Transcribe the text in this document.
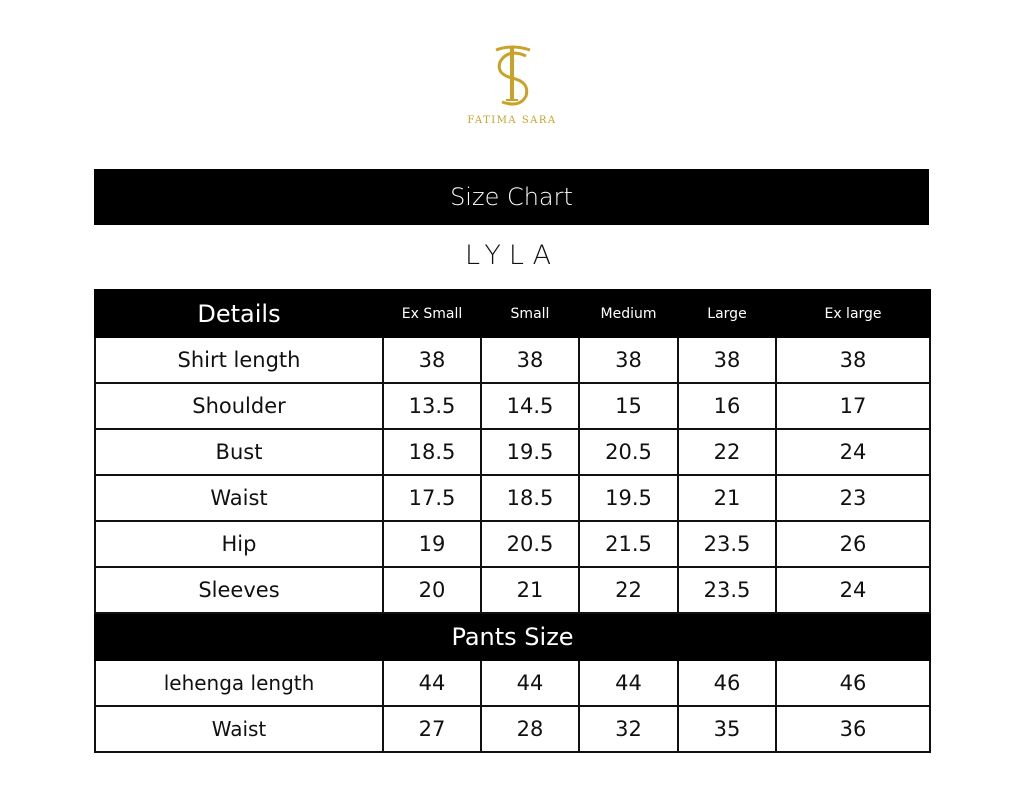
FATIMA SARA
Size Chart
LYLA
Details	Ex Small	Small	Medium	Large	Ex large
Shirt length	38	38	38	38	38
Shoulder	13.5	14.5	15	16	17
Bust	18.5	19.5	20.5	22	24
Waist	17.5	18.5	19.5	21	23
Hip	19	20.5	21.5	23.5	26
Sleeves	20	21	22	23.5	24
Pants Size					
lehenga length	44	44	44	46	46
Waist	27	28	32	35	36
